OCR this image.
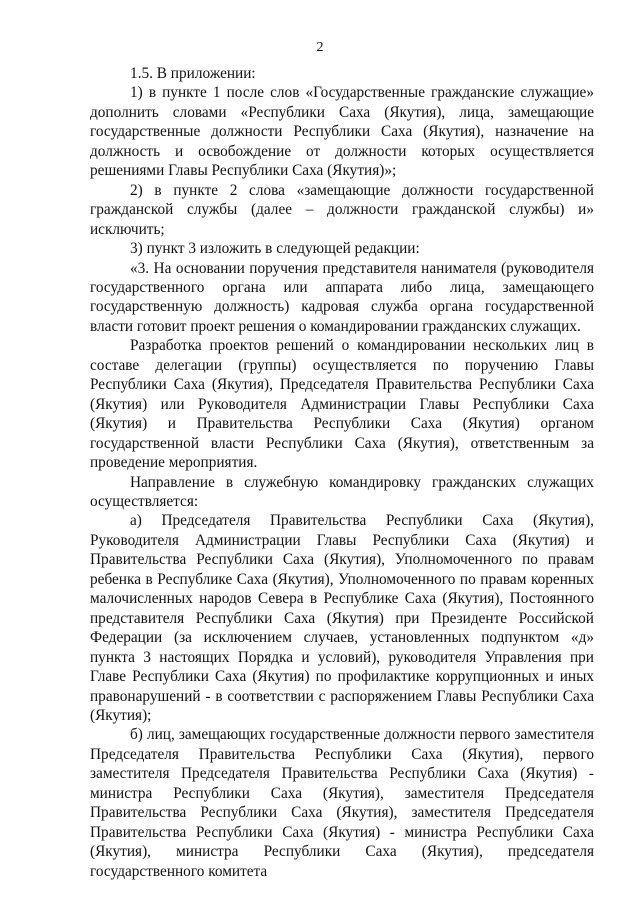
2

1.5. В приложении:

1) в пункте 1 после слов «Государственные гражданские служащие» дополнить словами «Республики Саха (Якутия), лица, замещающие государственные должности Республики Саха (Якутия), назначение на должность и освобождение от должности которых осуществляется решениями Главы Республики Саха (Якутия)»;

2) в пункте 2 слова «замещающие должности государственной гражданской службы (далее – должности гражданской службы) и» исключить;

3) пункт 3 изложить в следующей редакции:

«3. На основании поручения представителя нанимателя (руководителя государственного органа или аппарата либо лица, замещающего государственную должность) кадровая служба органа государственной власти готовит проект решения о командировании гражданских служащих.

Разработка проектов решений о командировании нескольких лиц в составе делегации (группы) осуществляется по поручению Главы Республики Саха (Якутия), Председателя Правительства Республики Саха (Якутия) или Руководителя Администрации Главы Республики Саха (Якутия) и Правительства Республики Саха (Якутия) органом государственной власти Республики Саха (Якутия), ответственным за проведение мероприятия.

Направление в служебную командировку гражданских служащих осуществляется:

а) Председателя Правительства Республики Саха (Якутия), Руководителя Администрации Главы Республики Саха (Якутия) и Правительства Республики Саха (Якутия), Уполномоченного по правам ребенка в Республике Саха (Якутия), Уполномоченного по правам коренных малочисленных народов Севера в Республике Саха (Якутия), Постоянного представителя Республики Саха (Якутия) при Президенте Российской Федерации (за исключением случаев, установленных подпунктом «д» пункта 3 настоящих Порядка и условий), руководителя Управления при Главе Республики Саха (Якутия) по профилактике коррупционных и иных правонарушений - в соответствии с распоряжением Главы Республики Саха (Якутия);

б) лиц, замещающих государственные должности первого заместителя Председателя Правительства Республики Саха (Якутия), первого заместителя Председателя Правительства Республики Саха (Якутия) - министра Республики Саха (Якутия), заместителя Председателя Правительства Республики Саха (Якутия), заместителя Председателя Правительства Республики Саха (Якутия) - министра Республики Саха (Якутия), министра Республики Саха (Якутия), председателя государственного комитета
